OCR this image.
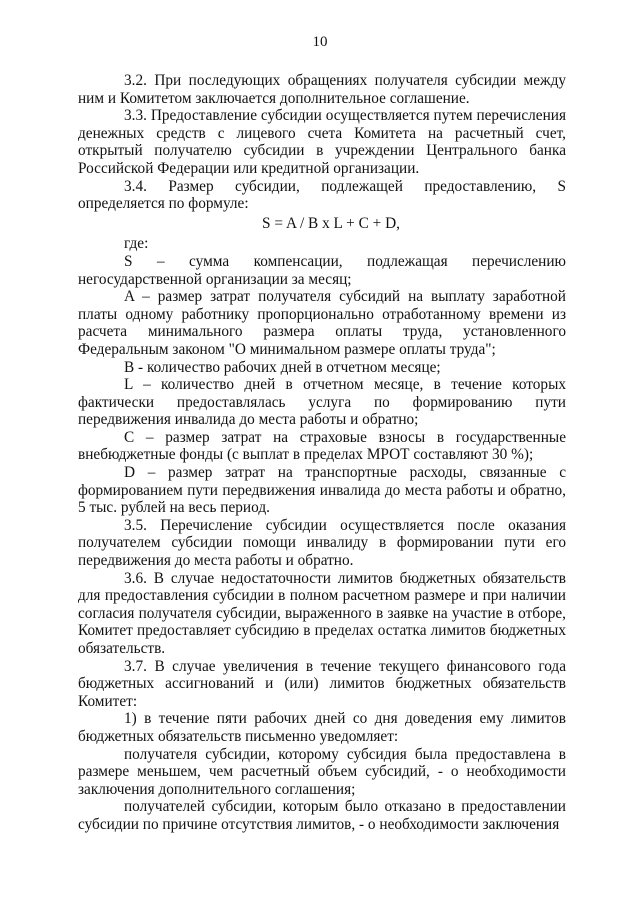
10

3.2. При последующих обращениях получателя субсидии между ним и Комитетом заключается дополнительное соглашение.

3.3. Предоставление субсидии осуществляется путем перечисления денежных средств с лицевого счета Комитета на расчетный счет, открытый получателю субсидии в учреждении Центрального банка Российской Федерации или кредитной организации.

3.4. Размер субсидии, подлежащей предоставлению, S определяется по формуле:

S = A / B x L + C + D,

где:

S – сумма компенсации, подлежащая перечислению негосударственной организации за месяц;

A – размер затрат получателя субсидий на выплату заработной платы одному работнику пропорционально отработанному времени из расчета минимального размера оплаты труда, установленного Федеральным законом "О минимальном размере оплаты труда";

B - количество рабочих дней в отчетном месяце;

L – количество дней в отчетном месяце, в течение которых фактически предоставлялась услуга по формированию пути передвижения инвалида до места работы и обратно;

C – размер затрат на страховые взносы в государственные внебюджетные фонды (с выплат в пределах МРОТ составляют 30 %);

D – размер затрат на транспортные расходы, связанные с формированием пути передвижения инвалида до места работы и обратно, 5 тыс. рублей на весь период.

3.5. Перечисление субсидии осуществляется после оказания получателем субсидии помощи инвалиду в формировании пути его передвижения до места работы и обратно.

3.6. В случае недостаточности лимитов бюджетных обязательств для предоставления субсидии в полном расчетном размере и при наличии согласия получателя субсидии, выраженного в заявке на участие в отборе, Комитет предоставляет субсидию в пределах остатка лимитов бюджетных обязательств.

3.7. В случае увеличения в течение текущего финансового года бюджетных ассигнований и (или) лимитов бюджетных обязательств Комитет:

1) в течение пяти рабочих дней со дня доведения ему лимитов бюджетных обязательств письменно уведомляет:

получателя субсидии, которому субсидия была предоставлена в размере меньшем, чем расчетный объем субсидий, - о необходимости заключения дополнительного соглашения;

получателей субсидии, которым было отказано в предоставлении субсидии по причине отсутствия лимитов, - о необходимости заключения
